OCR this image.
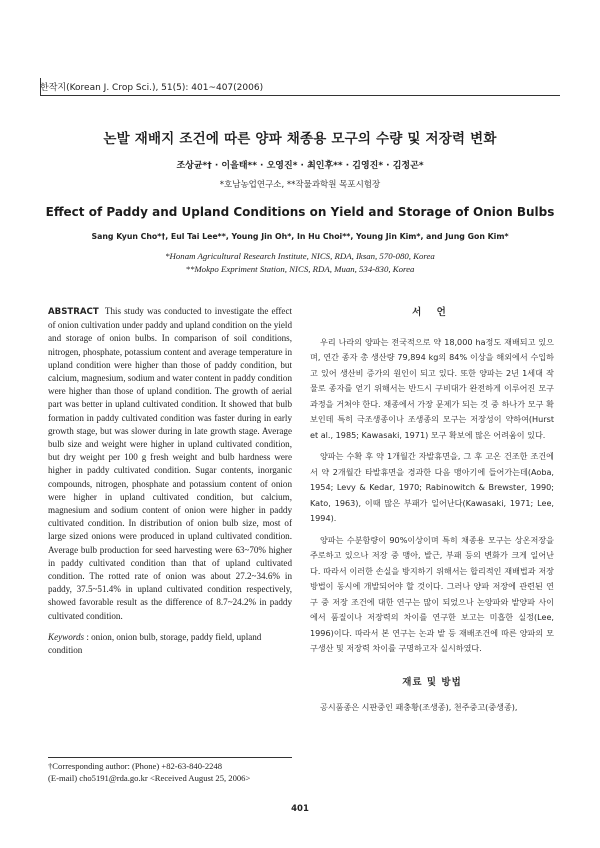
한작지(Korean J. Crop Sci.), 51(5): 401~407(2006)
논발 재배지 조건에 따른 양파 채종용 모구의 수량 및 저장력 변화
조상균*† · 이을태** · 오영진* · 최인후** · 김영진* · 김정곤*
*호남농업연구소, **작물과학원 목포시험장
Effect of Paddy and Upland Conditions on Yield and Storage of Onion Bulbs
Sang Kyun Cho*†, Eul Tai Lee**, Young Jin Oh*, In Hu Choi**, Young Jin Kim*, and Jung Gon Kim*
*Honam Agricultural Research Institute, NICS, RDA, Iksan, 570-080, Korea
**Mokpo Expriment Station, NICS, RDA, Muan, 534-830, Korea
ABSTRACT This study was conducted to investigate the effect of onion cultivation under paddy and upland condition on the yield and storage of onion bulbs. In comparison of soil conditions, nitrogen, phosphate, potassium content and average temperature in upland condition were higher than those of paddy condition, but calcium, magnesium, sodium and water content in paddy condition were higher than those of upland condition. The growth of aerial part was better in upland cultivated condition. It showed that bulb formation in paddy cultivated condition was faster during in early growth stage, but was slower during in late growth stage. Average bulb size and weight were higher in upland cultivated condition, but dry weight per 100 g fresh weight and bulb hardness were higher in paddy cultivated condition. Sugar contents, inorganic compounds, nitrogen, phosphate and potassium content of onion were higher in upland cultivated condition, but calcium, magnesium and sodium content of onion were higher in paddy cultivated condition. In distribution of onion bulb size, most of large sized onions were produced in upland cultivated condition. Average bulb production for seed harvesting were 63~70% higher in paddy cultivated condition than that of upland cultivated condition. The rotted rate of onion was about 27.2~34.6% in paddy, 37.5~51.4% in upland cultivated condition respectively, showed favorable result as the difference of 8.7~24.2% in paddy cultivated condition.
Keywords : onion, onion bulb, storage, paddy field, upland condition
서 언

우리 나라의 양파는 전국적으로 약 18,000 ha정도 재배되고 있으며, 연간 종자 총 생산량 79,894 kg의 84% 이상을 해외에서 수입하고 있어 생산비 증가의 원인이 되고 있다. 또한 양파는 2년 1세대 작물로 종자를 얻기 위해서는 반드시 구비대가 완전하게 이루어진 모구과정을 거쳐야 한다. 채종에서 가장 문제가 되는 것 중 하나가 모구 확보인데 특히 극조생종이나 조생종의 모구는 저장성이 약하여(Hurst et al., 1985; Kawasaki, 1971) 모구 확보에 많은 어려움이 있다.

양파는 수확 후 약 1개월간 자발휴면을, 그 후 고온 건조한 조건에서 약 2개월간 타발휴면을 경과한 다음 맹아기에 들어가는데(Aoba, 1954; Levy & Kedar, 1970; Rabinowitch & Brewster, 1990; Kato, 1963), 이때 많은 부패가 일어난다(Kawasaki, 1971; Lee, 1994).

양파는 수분함량이 90%이상이며 특히 채종용 모구는 상온저장을 주로하고 있으나 저장 중 맹아, 발근, 부패 등의 변화가 크게 일어난다. 따라서 이러한 손실을 방지하기 위해서는 합리적인 재배법과 저장방법이 동시에 개발되어야 할 것이다. 그러나 양파 저장에 관련된 연구 중 저장 조건에 대한 연구는 많이 되었으나 논양파와 밭양파 사이에서 품질이나 저장력의 차이를 연구한 보고는 미흡한 실정(Lee, 1996)이다. 따라서 본 연구는 논과 밭 등 재배조건에 따른 양파의 모구생산 및 저장력 차이를 구명하고자 실시하였다.

재료 및 방법

공시품종은 시판중인 패충황(조생종), 천주중고(중생종),

†Corresponding author: (Phone) +82-63-840-2248
(E-mail) cho5191@rda.go.kr <Received August 25, 2006>
401
